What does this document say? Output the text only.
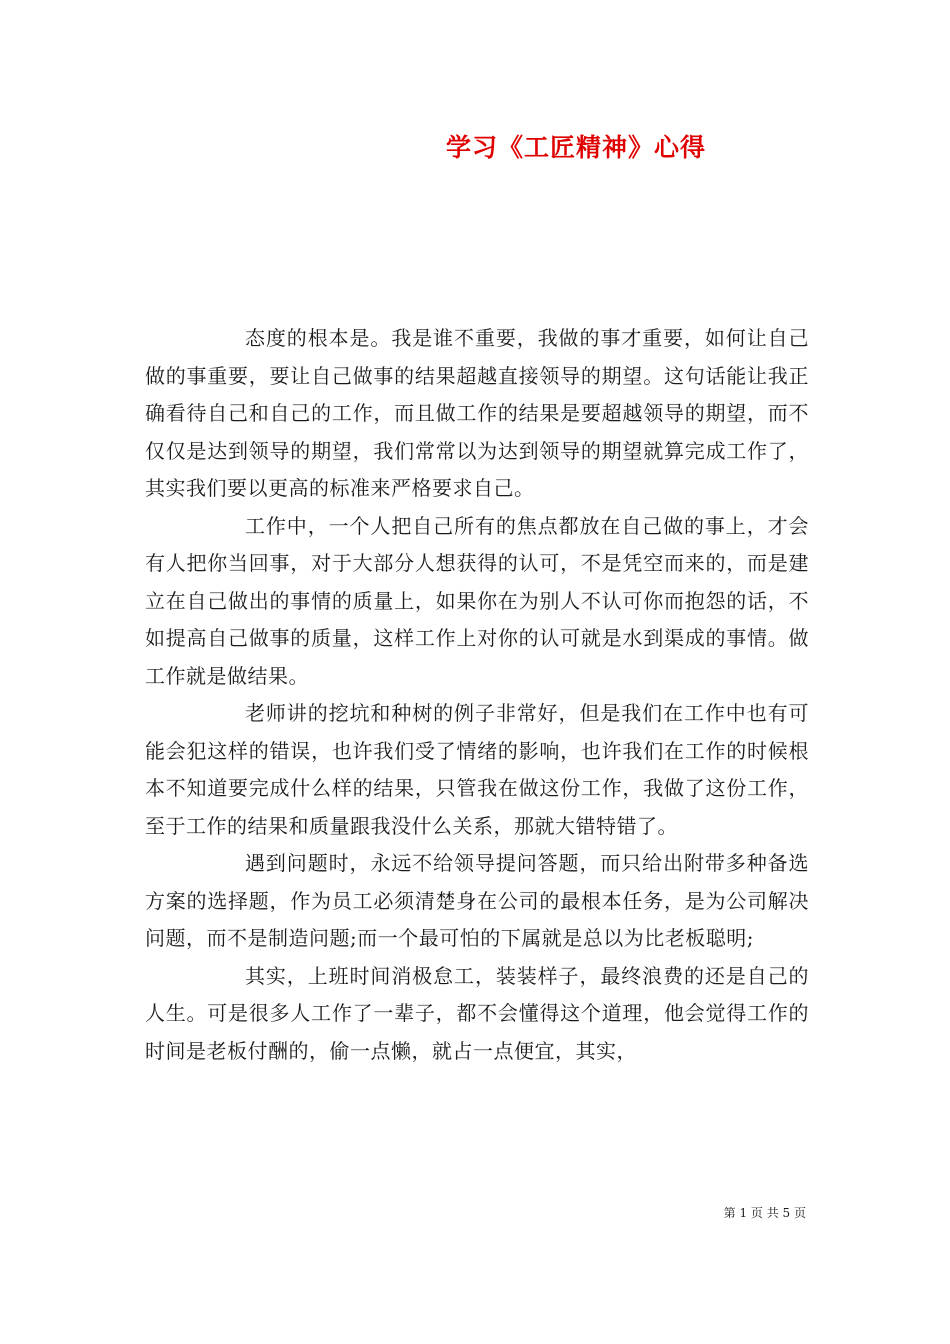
学习《工匠精神》心得

态度的根本是。我是谁不重要，我做的事才重要，如何让自己做的事重要，要让自己做事的结果超越直接领导的期望。这句话能让我正确看待自己和自己的工作，而且做工作的结果是要超越领导的期望，而不仅仅是达到领导的期望，我们常常以为达到领导的期望就算完成工作了，其实我们要以更高的标准来严格要求自己。

工作中，一个人把自己所有的焦点都放在自己做的事上，才会有人把你当回事，对于大部分人想获得的认可，不是凭空而来的，而是建立在自己做出的事情的质量上，如果你在为别人不认可你而抱怨的话，不如提高自己做事的质量，这样工作上对你的认可就是水到渠成的事情。做工作就是做结果。

老师讲的挖坑和种树的例子非常好，但是我们在工作中也有可能会犯这样的错误，也许我们受了情绪的影响，也许我们在工作的时候根本不知道要完成什么样的结果，只管我在做这份工作，我做了这份工作，至于工作的结果和质量跟我没什么关系，那就大错特错了。

遇到问题时，永远不给领导提问答题，而只给出附带多种备选方案的选择题，作为员工必须清楚身在公司的最根本任务，是为公司解决问题，而不是制造问题;而一个最可怕的下属就是总以为比老板聪明;

其实，上班时间消极怠工，装装样子，最终浪费的还是自己的人生。可是很多人工作了一辈子，都不会懂得这个道理，他会觉得工作的时间是老板付酬的，偷一点懒，就占一点便宜，其实，

第 1 页 共 5 页
